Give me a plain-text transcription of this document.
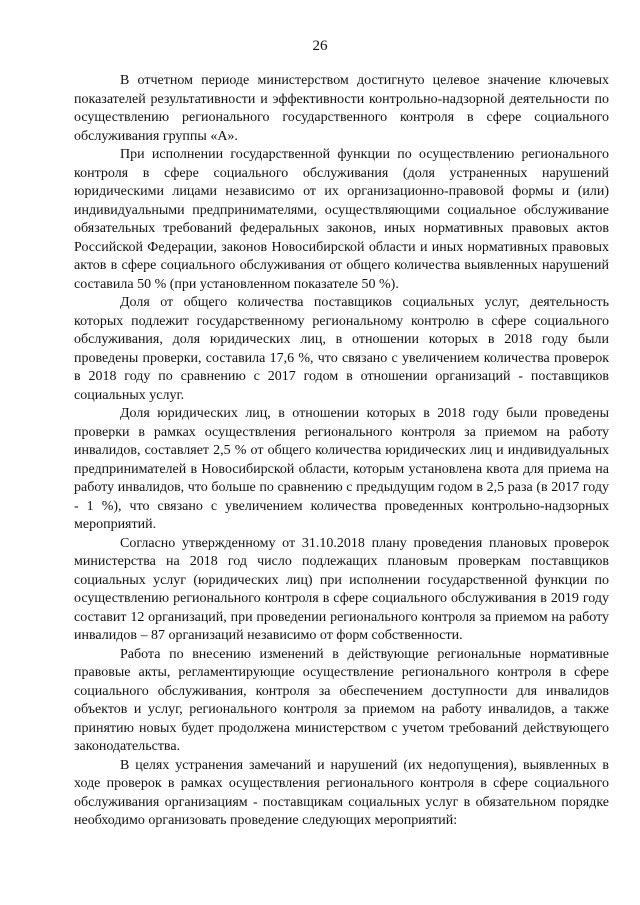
26

В отчетном периоде министерством достигнуто целевое значение ключевых показателей результативности и эффективности контрольно-надзорной деятельности по осуществлению регионального государственного контроля в сфере социального обслуживания группы «А».

При исполнении государственной функции по осуществлению регионального контроля в сфере социального обслуживания (доля устраненных нарушений юридическими лицами независимо от их организационно-правовой формы и (или) индивидуальными предпринимателями, осуществляющими социальное обслуживание обязательных требований федеральных законов, иных нормативных правовых актов Российской Федерации, законов Новосибирской области и иных нормативных правовых актов в сфере социального обслуживания от общего количества выявленных нарушений составила 50 % (при установленном показателе 50 %).

Доля от общего количества поставщиков социальных услуг, деятельность которых подлежит государственному региональному контролю в сфере социального обслуживания, доля юридических лиц, в отношении которых в 2018 году были проведены проверки, составила 17,6 %, что связано с увеличением количества проверок в 2018 году по сравнению с 2017 годом в отношении организаций - поставщиков социальных услуг.

Доля юридических лиц, в отношении которых в 2018 году были проведены проверки в рамках осуществления регионального контроля за приемом на работу инвалидов, составляет 2,5 % от общего количества юридических лиц и индивидуальных предпринимателей в Новосибирской области, которым установлена квота для приема на работу инвалидов, что больше по сравнению с предыдущим годом в 2,5 раза (в 2017 году - 1 %), что связано с увеличением количества проведенных контрольно-надзорных мероприятий.

Согласно утвержденному от 31.10.2018 плану проведения плановых проверок министерства на 2018 год число подлежащих плановым проверкам поставщиков социальных услуг (юридических лиц) при исполнении государственной функции по осуществлению регионального контроля в сфере социального обслуживания в 2019 году составит 12 организаций, при проведении регионального контроля за приемом на работу инвалидов – 87 организаций независимо от форм собственности.

Работа по внесению изменений в действующие региональные нормативные правовые акты, регламентирующие осуществление регионального контроля в сфере социального обслуживания, контроля за обеспечением доступности для инвалидов объектов и услуг, регионального контроля за приемом на работу инвалидов, а также принятию новых будет продолжена министерством с учетом требований действующего законодательства.

В целях устранения замечаний и нарушений (их недопущения), выявленных в ходе проверок в рамках осуществления регионального контроля в сфере социального обслуживания организациям - поставщикам социальных услуг в обязательном порядке необходимо организовать проведение следующих мероприятий:
